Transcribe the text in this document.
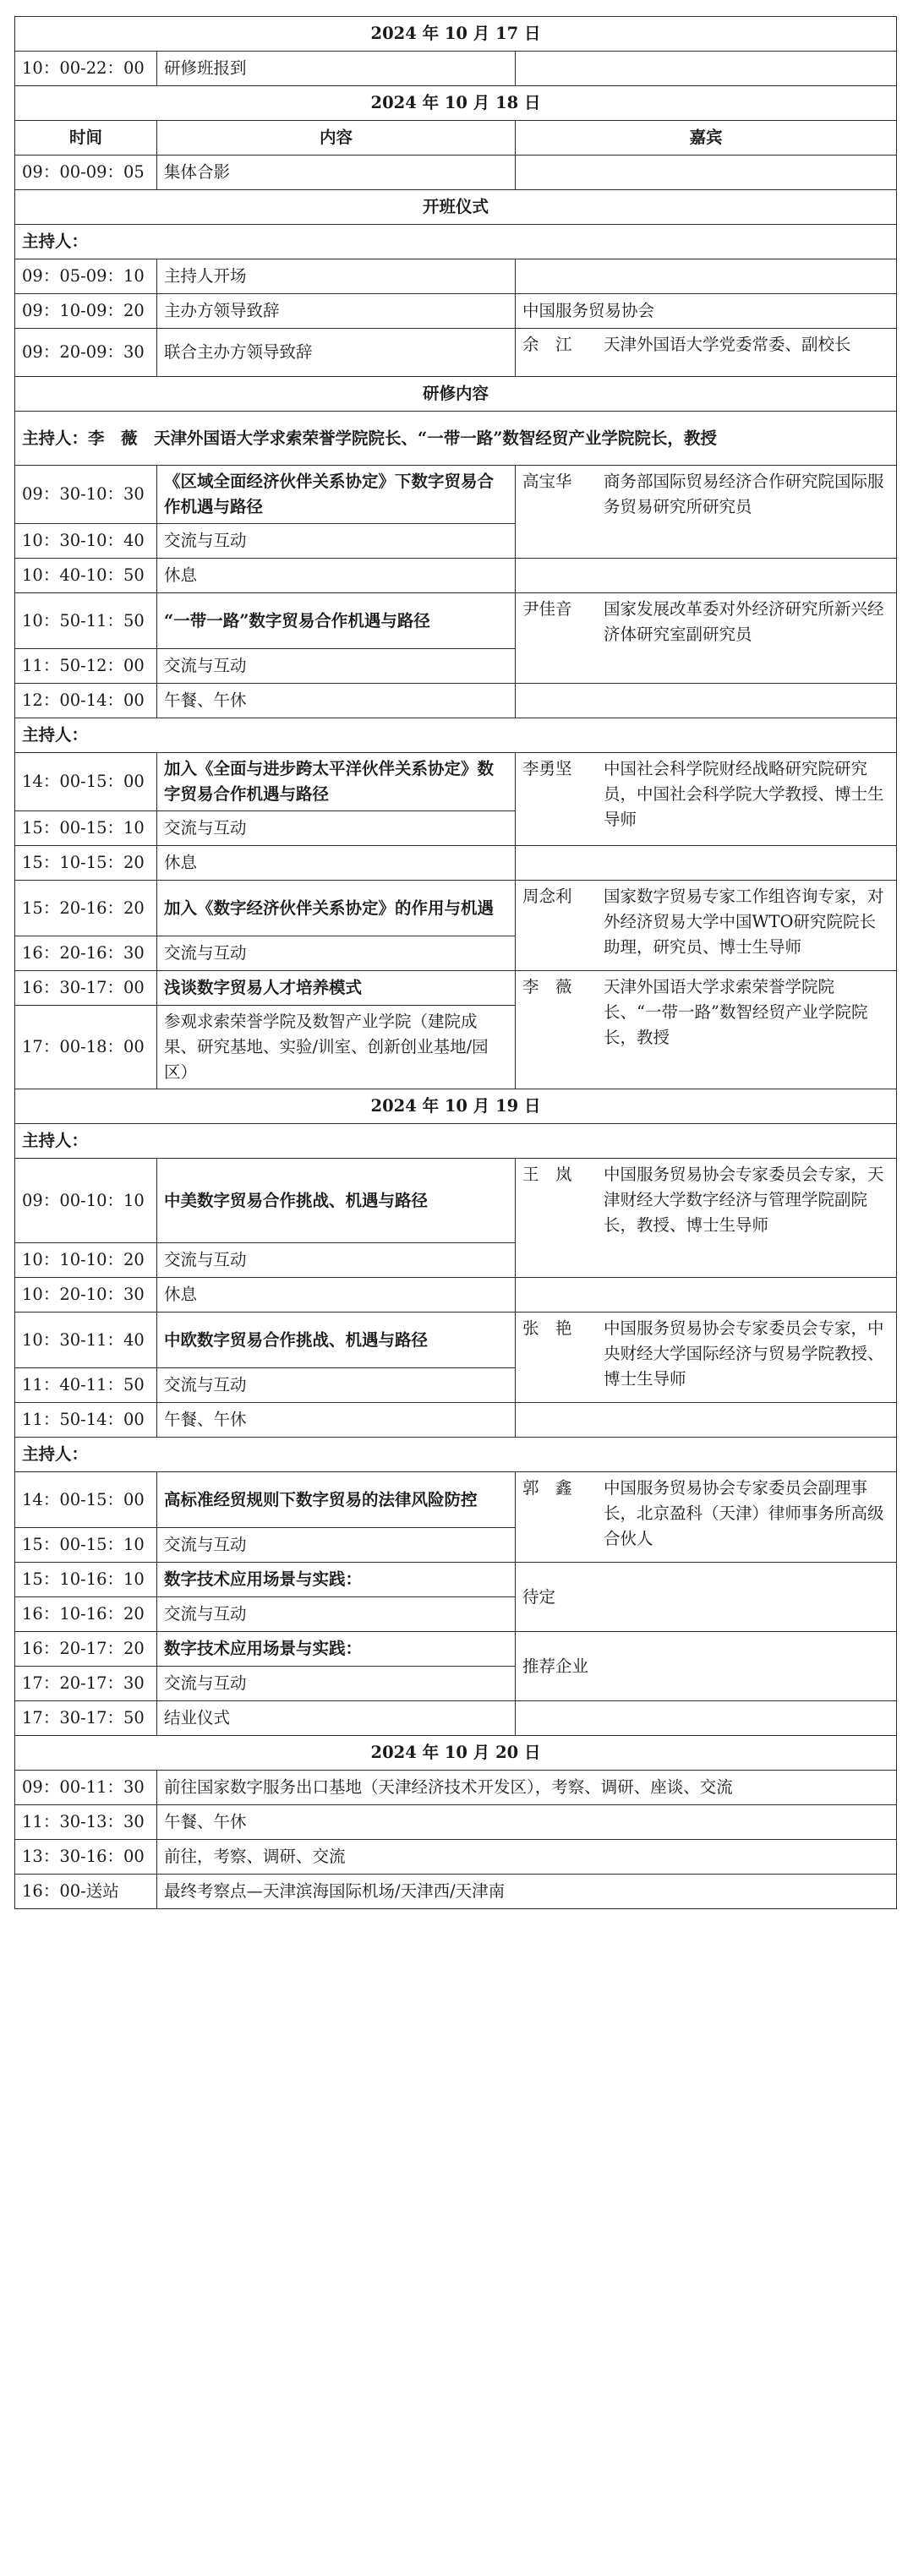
2024 年 10 月 17 日		
10：00-22：00	研修班报到	
2024 年 10 月 18 日		
时间	内容	嘉宾
09：00-09：05	集体合影	
开班仪式		
主持人：		
09：05-09：10	主持人开场	
09：10-09：20	主办方领导致辞	中国服务贸易协会
09：20-09：30	联合主办方领导致辞	余　江 天津外国语大学党委常委、副校长

研修内容		
主持人：李　薇　天津外国语大学求索荣誉学院院长、“一带一路”数智经贸产业学院院长，教授		
09：30-10：30	《区域全面经济伙伴关系协定》下数字贸易合作机遇与路径	高宝华 商务部国际贸易经济合作研究院国际服务贸易研究所研究员

10：30-10：40	交流与互动	
10：40-10：50	休息	
10：50-11：50	“一带一路”数字贸易合作机遇与路径	尹佳音 国家发展改革委对外经济研究所新兴经济体研究室副研究员

11：50-12：00	交流与互动	
12：00-14：00	午餐、午休	
主持人：		
14：00-15：00	加入《全面与进步跨太平洋伙伴关系协定》数字贸易合作机遇与路径	李勇坚 中国社会科学院财经战略研究院研究员，中国社会科学院大学教授、博士生导师

15：00-15：10	交流与互动	
15：10-15：20	休息	
15：20-16：20	加入《数字经济伙伴关系协定》的作用与机遇	周念利 国家数字贸易专家工作组咨询专家，对外经济贸易大学中国WTO研究院院长助理，研究员、博士生导师

16：20-16：30	交流与互动	
16：30-17：00	浅谈数字贸易人才培养模式	李　薇 天津外国语大学求索荣誉学院院长、“一带一路”数智经贸产业学院院长，教授

17：00-18：00	参观求索荣誉学院及数智产业学院（建院成果、研究基地、实验/训室、创新创业基地/园区）	
2024 年 10 月 19 日		
主持人：		
09：00-10：10	中美数字贸易合作挑战、机遇与路径	王　岚 中国服务贸易协会专家委员会专家，天津财经大学数字经济与管理学院副院长，教授、博士生导师

10：10-10：20	交流与互动	
10：20-10：30	休息	
10：30-11：40	中欧数字贸易合作挑战、机遇与路径	张　艳 中国服务贸易协会专家委员会专家，中央财经大学国际经济与贸易学院教授、博士生导师

11：40-11：50	交流与互动	
11：50-14：00	午餐、午休	
主持人：		
14：00-15：00	高标准经贸规则下数字贸易的法律风险防控	郭　鑫 中国服务贸易协会专家委员会副理事长，北京盈科（天津）律师事务所高级合伙人

15：00-15：10	交流与互动	
15：10-16：10	数字技术应用场景与实践：	待定
16：10-16：20	交流与互动	
16：20-17：20	数字技术应用场景与实践：	推荐企业
17：20-17：30	交流与互动	
17：30-17：50	结业仪式	
2024 年 10 月 20 日		
09：00-11：30	前往国家数字服务出口基地（天津经济技术开发区），考察、调研、座谈、交流	
11：30-13：30	午餐、午休	
13：30-16：00	前往，考察、调研、交流	
16：00-送站	最终考察点—天津滨海国际机场/天津西/天津南	
